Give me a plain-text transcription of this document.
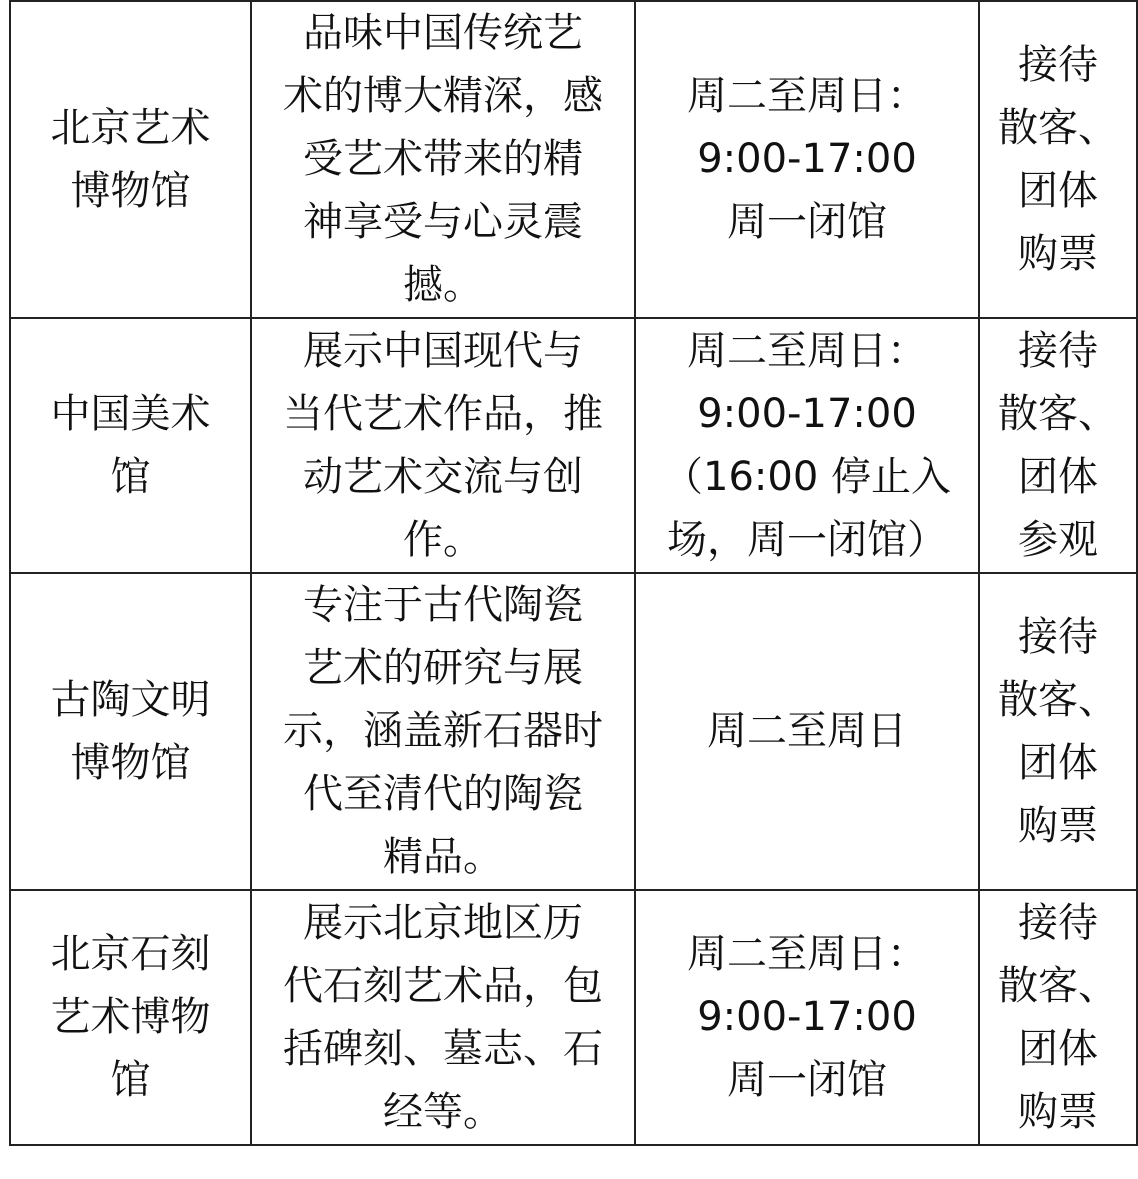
北京艺术
博物馆	品味中国传统艺
术的博大精深，感
受艺术带来的精
神享受与心灵震
撼。	周二至周日：
9:00-17:00
周一闭馆	接待
散客、
团体
购票

中国美术
馆	展示中国现代与
当代艺术作品，推
动艺术交流与创
作。	周二至周日：
9:00-17:00
（16:00 停止入
场，周一闭馆）	接待
散客、
团体
参观

古陶文明
博物馆	专注于古代陶瓷
艺术的研究与展
示，涵盖新石器时
代至清代的陶瓷
精品。	周二至周日	接待
散客、
团体
购票

北京石刻
艺术博物
馆	展示北京地区历
代石刻艺术品，包
括碑刻、墓志、石
经等。	周二至周日：
9:00-17:00
周一闭馆	接待
散客、
团体
购票
